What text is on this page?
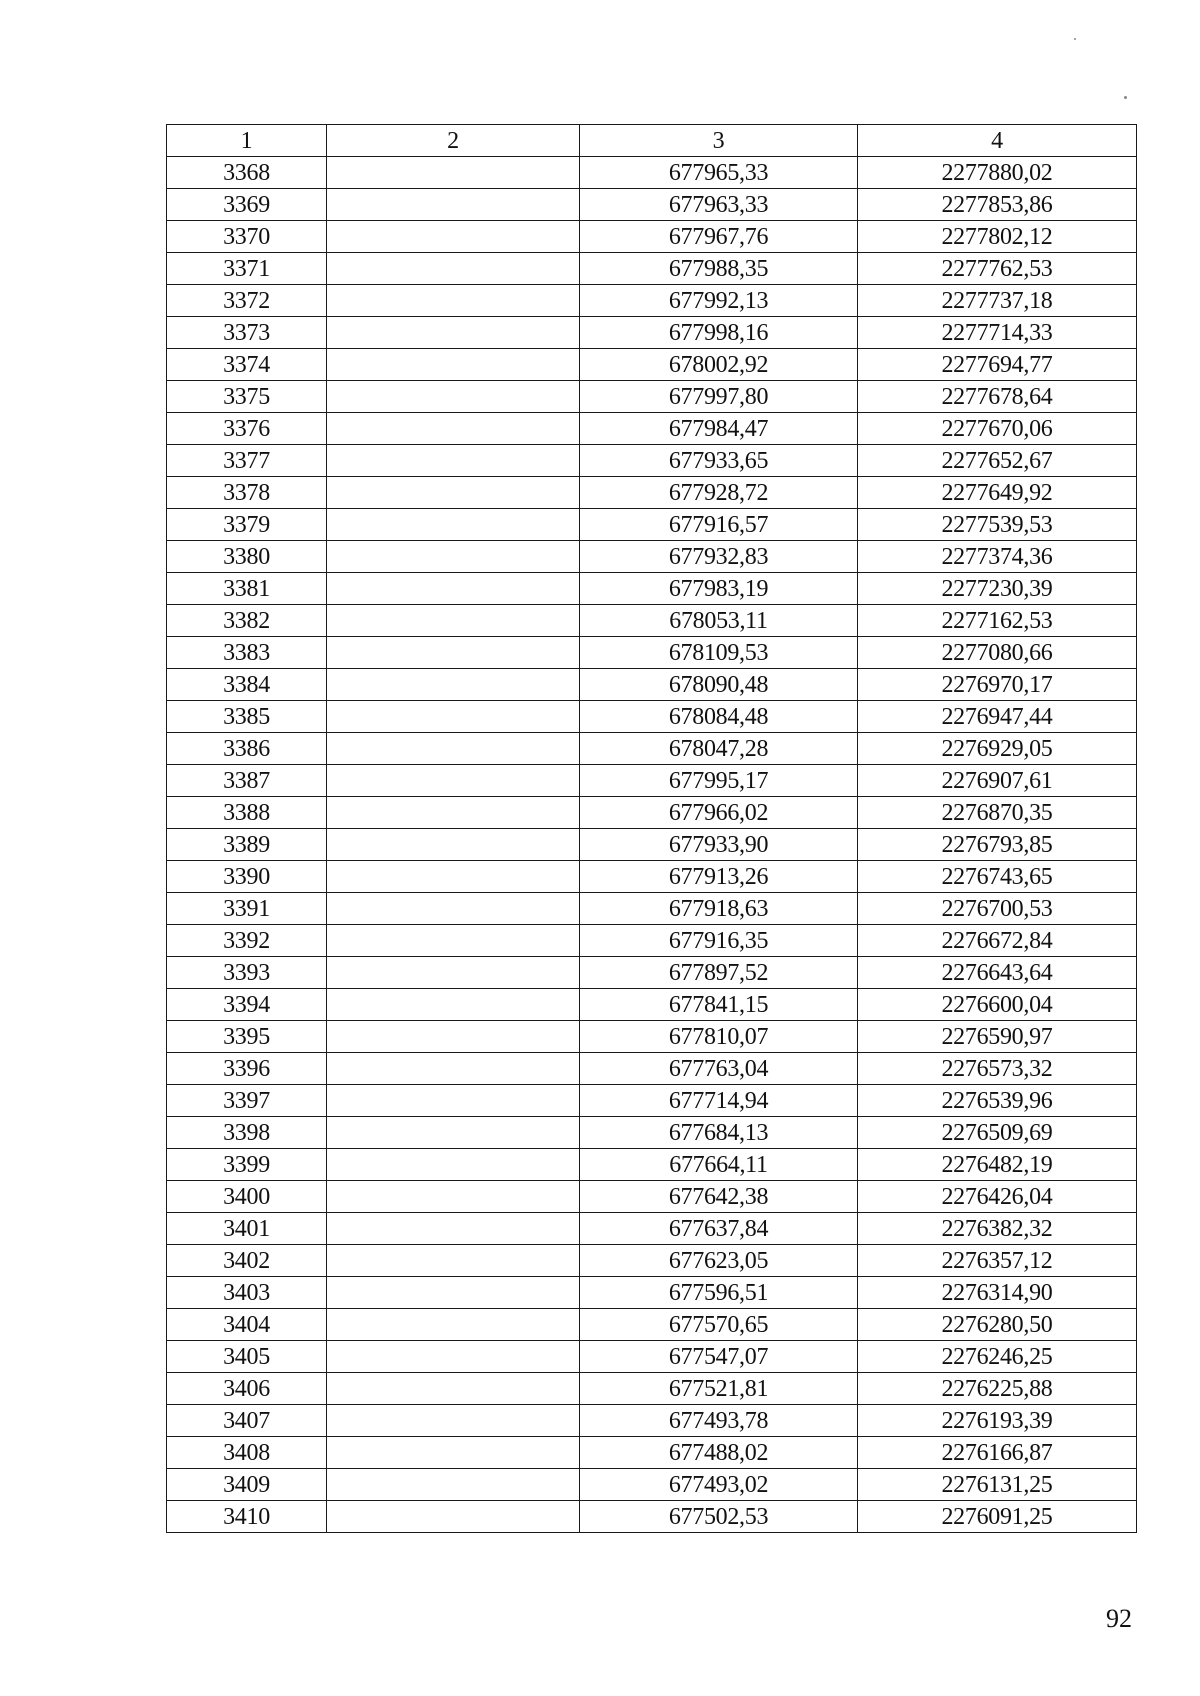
1	2	3	4
3368		677965,33	2277880,02
3369		677963,33	2277853,86
3370		677967,76	2277802,12
3371		677988,35	2277762,53
3372		677992,13	2277737,18
3373		677998,16	2277714,33
3374		678002,92	2277694,77
3375		677997,80	2277678,64
3376		677984,47	2277670,06
3377		677933,65	2277652,67
3378		677928,72	2277649,92
3379		677916,57	2277539,53
3380		677932,83	2277374,36
3381		677983,19	2277230,39
3382		678053,11	2277162,53
3383		678109,53	2277080,66
3384		678090,48	2276970,17
3385		678084,48	2276947,44
3386		678047,28	2276929,05
3387		677995,17	2276907,61
3388		677966,02	2276870,35
3389		677933,90	2276793,85
3390		677913,26	2276743,65
3391		677918,63	2276700,53
3392		677916,35	2276672,84
3393		677897,52	2276643,64
3394		677841,15	2276600,04
3395		677810,07	2276590,97
3396		677763,04	2276573,32
3397		677714,94	2276539,96
3398		677684,13	2276509,69
3399		677664,11	2276482,19
3400		677642,38	2276426,04
3401		677637,84	2276382,32
3402		677623,05	2276357,12
3403		677596,51	2276314,90
3404		677570,65	2276280,50
3405		677547,07	2276246,25
3406		677521,81	2276225,88
3407		677493,78	2276193,39
3408		677488,02	2276166,87
3409		677493,02	2276131,25
3410		677502,53	2276091,25
92
